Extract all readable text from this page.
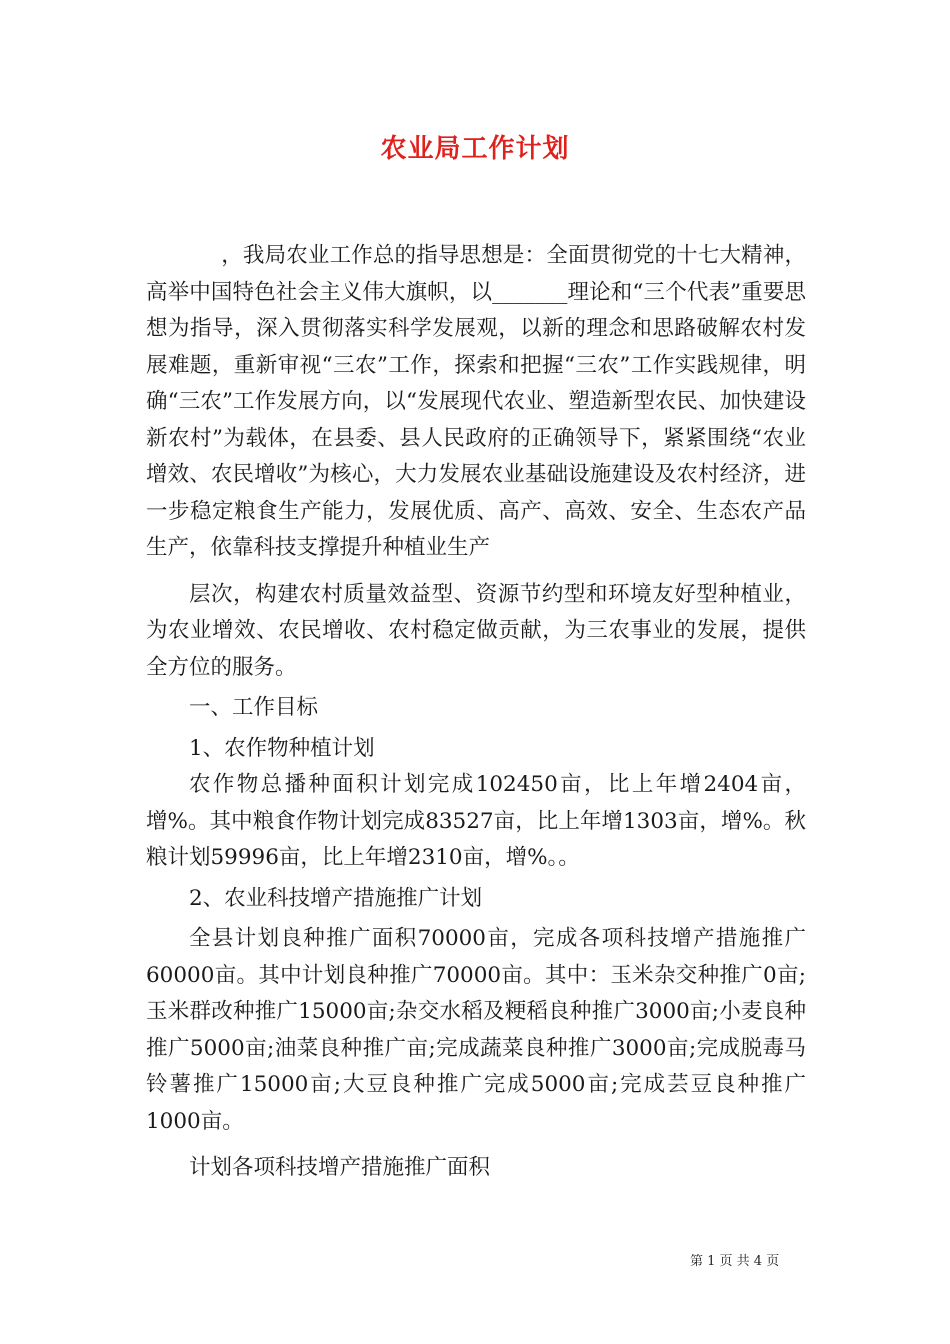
农业局工作计划

，我局农业工作总的指导思想是：全面贯彻党的十七大精神，高举中国特色社会主义伟大旗帜，以_______理论和“三个代表”重要思想为指导，深入贯彻落实科学发展观，以新的理念和思路破解农村发展难题，重新审视“三农”工作，探索和把握“三农”工作实践规律，明确“三农”工作发展方向，以“发展现代农业、塑造新型农民、加快建设新农村”为载体，在县委、县人民政府的正确领导下，紧紧围绕“农业增效、农民增收”为核心，大力发展农业基础设施建设及农村经济，进一步稳定粮食生产能力，发展优质、高产、高效、安全、生态农产品生产，依靠科技支撑提升种植业生产

层次，构建农村质量效益型、资源节约型和环境友好型种植业，为农业增效、农民增收、农村稳定做贡献，为三农事业的发展，提供全方位的服务。

一、工作目标

1、农作物种植计划

农作物总播种面积计划完成102450亩，比上年增2404亩，增%。其中粮食作物计划完成83527亩，比上年增1303亩，增%。秋粮计划59996亩，比上年增2310亩，增%。。

2、农业科技增产措施推广计划

全县计划良种推广面积70000亩，完成各项科技增产措施推广60000亩。其中计划良种推广70000亩。其中：玉米杂交种推广0亩;玉米群改种推广15000亩;杂交水稻及粳稻良种推广3000亩;小麦良种推广5000亩;油菜良种推广亩;完成蔬菜良种推广3000亩;完成脱毒马铃薯推广15000亩;大豆良种推广完成5000亩;完成芸豆良种推广1000亩。

计划各项科技增产措施推广面积

第 1 页 共 4 页
